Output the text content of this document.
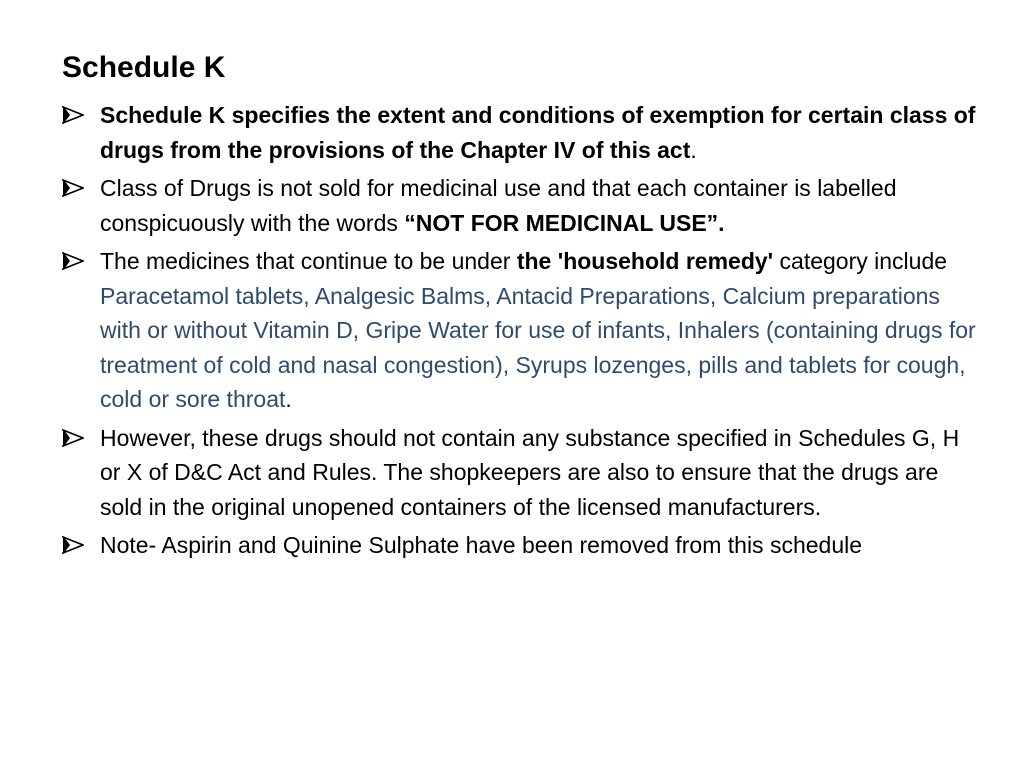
Schedule K
Schedule K specifies the extent and conditions of exemption for certain class of drugs from the provisions of the Chapter IV of this act.
Class of Drugs is not sold for medicinal use and that each container is labelled conspicuously with the words “NOT FOR MEDICINAL USE”.
The medicines that continue to be under the 'household remedy' category include Paracetamol tablets, Analgesic Balms, Antacid Preparations, Calcium preparations with or without Vitamin D, Gripe Water for use of infants, Inhalers (containing drugs for treatment of cold and nasal congestion), Syrups lozenges, pills and tablets for cough, cold or sore throat.
However, these drugs should not contain any substance specified in Schedules G, H or X of D&C Act and Rules. The shopkeepers are also to ensure that the drugs are sold in the original unopened containers of the licensed manufacturers.
Note- Aspirin and Quinine Sulphate have been removed from this schedule
